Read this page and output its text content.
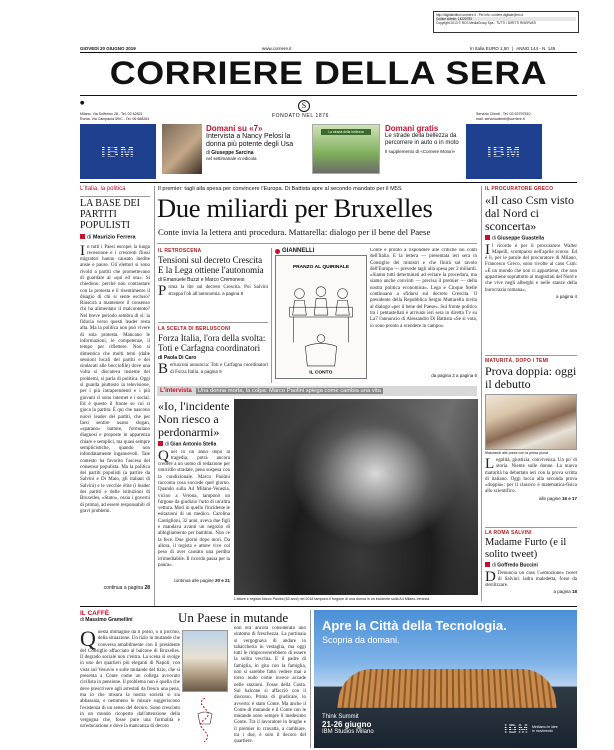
GIOVEDÌ 20 GIUGNO 2019	www.corriere.it
http://digitaledition.corriere.it - Per info: corriere.digitale@rcs.it
Codice cliente: 14220790
Copyright 2013 © RCS MediaGroup Spa - TUTTI I DIRITTI RISERVATI
In Italia EURO 1,50 | ANNO 144 - N. 145
CORRIERE DELLA SERA
Milano, Via Solferino 28 - Tel. 02 62821
Roma, Via Campania 59/C - Tel. 06 688281	FONDATO NEL 1876
S
Servizio Clienti - Tel. 02 63797510
mail: servizioclienti@corriere.it
●
IBM	IBM
Domani su «7»
Intervista a Nancy Pelosi la donna più potente degli Usa
di Giuseppe Sarcina
nel settimanale in edicola
La strada della bellezza	Domani gratis
Le strade della bellezza da percorrere in auto o in moto
Il supplemento di «Corriere Motori»
L'Italia, la politica
LA BASE DEI PARTITI POPULISTI
di Maurizio Ferrera
In tutti i Paesi europei la lunga recessione e i crescenti flussi migratori hanno causato inedite ansie e paure. Gli elettori si sono rivolti a partiti che promettevano di guardare al «qui ed ora». Si chiedono: perché non contrastare con la protesta e il risentimento il disagio di chi si sente escluso? Riuscirà a mantenere il consenso chi ha alimentato il malcontento? Nel breve periodo sembra di sì: la fiducia verso questi leader resta alta. Ma la politica non può vivere di sola protesta. Mancano le informazioni, le competenze, il tempo per riflettere. Non si dimentica che molti temi (dalle sessioni locali del partiti e dei sindacati alle bocciofile) dove una volta si discuteva insieme dei problemi, si parla di politica. Oggi si guarda piuttosto la televisione, per i più intraprendenti e i più giovani ci sono internet e i social. Ed è questo il fronte su cui si gioca la partita. È qui che nascono nuovi leader dei partiti, che per farsi sentire usano slogan, «sparano» battute, formulano diagnosi e proposte in apparenza chiare e semplici, ma quasi sempre semplicistiche, quando non infondatamente ingannevoli. Tale contesto ha favorito l'ascesa del consenso populista. Ma la politica dei partiti populisti (a partire da Salvini e Di Maio, gli italiani di Salvini) e le vecchie élite (i leader dei partiti e delle istituzioni di Bruxelles, «Stato», ossia i governi di prima), ad essere responsabili di gravi problemi.
continua a pagina 28
Il premier: tagli alla spesa per convincere l'Europa. Di Battista apre al secondo mandato per il M5S
Due miliardi per Bruxelles
Conte invia la lettera anti procedura. Mattarella: dialogo per il bene del Paese
IL RETROSCENA
Tensioni sul decreto Crescita E la Lega ottiene l'autonomia
di Emanuele Buzzi e Marco Cremonesi
Prima la lite sul decreto Crescita. Poi Salvini strappa l'ok all'autonomia. a pagina 8
LA SCELTA DI BERLUSCONI
Forza Italia, l'ora della svolta: Toti e Carfagna coordinatori
di Paola Di Caro
Berlusconi annuncia: Toti e Carfagna coordinatori di Forza Italia. a pagina 9
GIANNELLI
PRANZO AL QUIRINALE
IL CONTO
Conte è pronto a rispondere alle critiche sui conti dell'Italia. E la lettera — presentata ieri sera in Consiglio dei ministri e che finirà sul tavolo dell'Europa — prevede tagli alla spesa per 2 miliardi. «Siamo tutti determinati ad evitare la procedura, ma siamo anche convinti — precisa il premier — della nostra politica economica». Lega e Cinque Stelle continuano a sfidarsi sul decreto Crescita. Il presidente della Repubblica Sergio Mattarella invita al dialogo «per il bene del Paese». Sul fronte politico tra i pentastellati è arrivato ieri sera in diretta Tv su La7 l'annuncio di Alessandro Di Battista «Se si vota, io sono pronto a scendere in campo».
da pagina 2 a pagina 6
IL PROCURATORE GRECO
«Il caso Csm visto dal Nord ci sconcerta»
di Giuseppe Guastella
Il ricordo è per il procuratore Walter Mapelli, scomparso nell'aprile scorso. Ed è lì, per le parole del procuratore di Milano, Francesco Greco, sono rivolte al caso Csm: «È un mondo che non ci appartiene, che non appartiene soprattutto ai magistrati del Nord e che vive negli alberghi e nelle stanze della burocrazia romana».
a pagina 4
MATURITÀ, DOPO I TEMI
Prova doppia: oggi il debutto
Maturandi alle prese con la prima prova
Legalità, giustizia, convivenza. Un po' di storia. Niente sulle donne. La nuova maturità ha debuttato ieri con la prova scritta di italiano. Oggi tocca alla seconda prova «doppia»: per il classico è matematica-fisica allo scientifico.
alle pagine 16 e 17
LA ROMA SALVINI
Madame Furto (e il solito tweet)
di Goffredo Buccini
D Denuncia un caso l'«emozione» tweet di Salvini: ladra maledetta, forse da sterilizzare.
a pagina 18
L'intervista	Una donna morta, la colpa: Marco Paolini spiega come cambia una vita
«Io, l'incidente Non riesco a perdonarmi»
di Gian Antonio Stella
Quel in un anno dopo la tragedia, potrà ancora credere a un uomo di redazione per omicidio stradale, pena sospesa con la condizionale. Marco Paolini racconta cosa succede quel giorno. Quando sulla A4 Milano-Venezia, vicino a Verona, tamponò un furgone da giudizio l'urto di un'altra vettura. Morì in quello l'incidente le esitazioni di un medico. Carolina Castiglioni, 32 anni, aveva due figli e mandava avanti un negozio di abbigliamento per bambini. Non ce la fece. Due giorni dopo morì. Da allora, il regista e attore vive col peso di aver causato una perdita irrimediabile. Il ricordo passa per la paura».
continua alle pagine 20 e 21
L'attore e regista Marco Paolini (63 anni) nel 2018 tamponò il furgone di una donna in un incidente sulla A4 Milano-Venezia
IL CAFFÈ
di Massimo Gramellini	Un Paese in mutande
Questa immagine dà il polso, o il picchio, della situazione. Un tizio in mutande che conversa amabilmente con il presidente del Consiglio affacciato al balcone di Bruxelles. Il degrado sociale non c'entra. La scena si svolge in uno dei quartieri più eleganti di Napoli, con vista sul Vesuvio e sulle mutande del tizio, che si presenta a Conte come un collega avvocato civilista in pensione. Il problema non è quella che deve prescrivere agli arrestati da fresco una pena, ma in che misura la nostra società si sia abbassata, e nemmeno le misure suggeriscono l'esistenza di un senso del decoro. Sono cresciuto in un mondo ricoperto dall'attenzione della vergogna che, fosse pure una formalità e un'educazione e dove la mancanza di decoro
non era ancora considerata uno sintomo di freschezza. La portinaia si vergognava di andare in tabaccheria in vestaglia, ma oggi tutti le rimprovererebbero di essere la solita vecchia. E il padre di famiglia, in gita con la famiglia, non si sarebbe fatto vedere mai a torso nudo come invece accade nelle stazioni. Fosse della Costa. Sul balcone si affacciò con il discorso. Prima di giudicare, lo avverto: è stato Conte. Ma anche il Conte di mutande e il Conte con le mutande sono sempre il medesimo Conte. Tra il lavoratore in braghe e il premier in cravatta, a cambiare, tra i due, è solo il decoro del quartiere.
Apre la Città della Tecnologia.
Scopria da domani.
Think Summit
21-26 giugno
IBM Studios Milano	IBM Mettiamo le idee in movimento
